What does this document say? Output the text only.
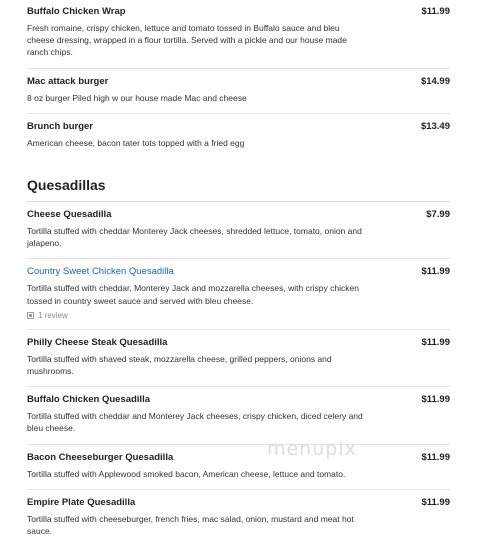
Buffalo Chicken Wrap	$11.99
Fresh romaine, crispy chicken, lettuce and tomato tossed in Buffalo sauce and bleu cheese dressing, wrapped in a flour tortilla. Served with a pickle and our house made ranch chips.
Mac attack burger	$14.99
8 oz burger Piled high w our house made Mac and cheese
Brunch burger	$13.49
American cheese, bacon tater tots topped with a fried egg
Quesadillas
Cheese Quesadilla	$7.99
Tortilla stuffed with cheddar Monterey Jack cheeses, shredded lettuce, tomato, onion and jalapeno.
Country Sweet Chicken Quesadilla	$11.99
Tortilla stuffed with cheddar, Monterey Jack and mozzarella cheeses, with crispy chicken tossed in country sweet sauce and served with bleu cheese.
1 review
Philly Cheese Steak Quesadilla	$11.99
Tortilla stuffed with shaved steak, mozzarella cheese, grilled peppers, onions and mushrooms.
Buffalo Chicken Quesadilla	$11.99
Tortilla stuffed with cheddar and Monterey Jack cheeses, crispy chicken, diced celery and bleu cheese.
Bacon Cheeseburger Quesadilla	$11.99
Tortilla stuffed with Applewood smoked bacon, American cheese, lettuce and tomato.
Empire Plate Quesadilla	$11.99
Tortilla stuffed with cheeseburger, french fries, mac salad, onion, mustard and meat hot sauce.
menupix
